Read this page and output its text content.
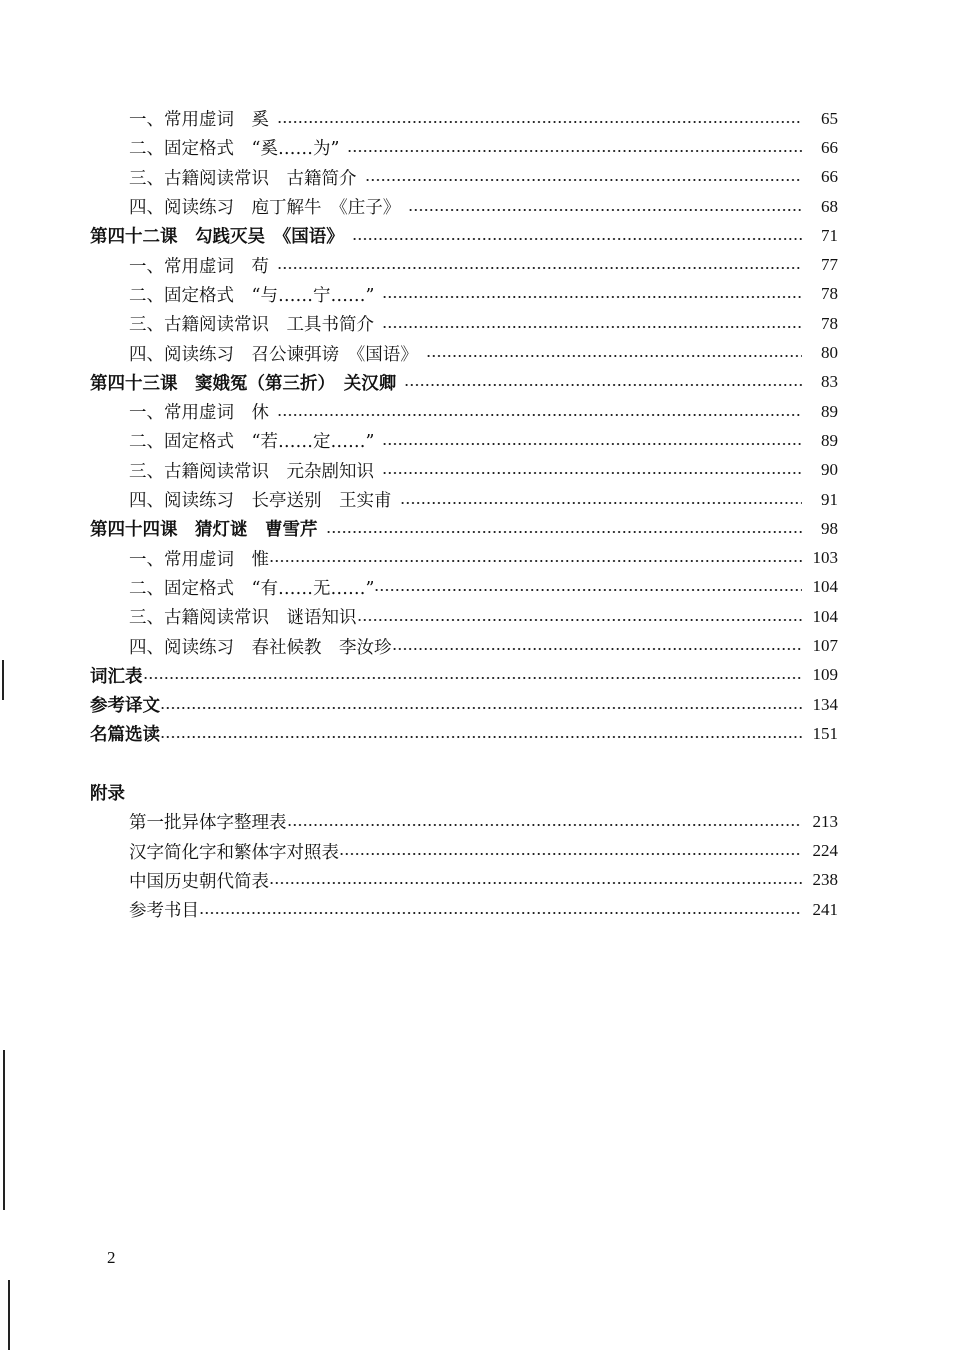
一、常用虚词　奚	65
二、固定格式　“奚……为”	66
三、古籍阅读常识　古籍简介	66
四、阅读练习　庖丁解牛　《庄子》	68
第四十二课　勾践灭吴　《国语》	71
一、常用虚词　苟	77
二、固定格式　“与……宁……”	78
三、古籍阅读常识　工具书简介	78
四、阅读练习　召公谏弭谤　《国语》	80
第四十三课　窦娥冤（第三折）　关汉卿	83
一、常用虚词　休	89
二、固定格式　“若……定……”	89
三、古籍阅读常识　元杂剧知识	90
四、阅读练习　长亭送别　王实甫	91
第四十四课　猜灯谜　曹雪芹	98
一、常用虚词　惟	103
二、固定格式　“有……无……”	104
三、古籍阅读常识　谜语知识	104
四、阅读练习　春社候教　李汝珍	107
词汇表	109
参考译文	134
名篇选读	151
附录
第一批异体字整理表	213
汉字简化字和繁体字对照表	224
中国历史朝代简表	238
参考书目	241
2
